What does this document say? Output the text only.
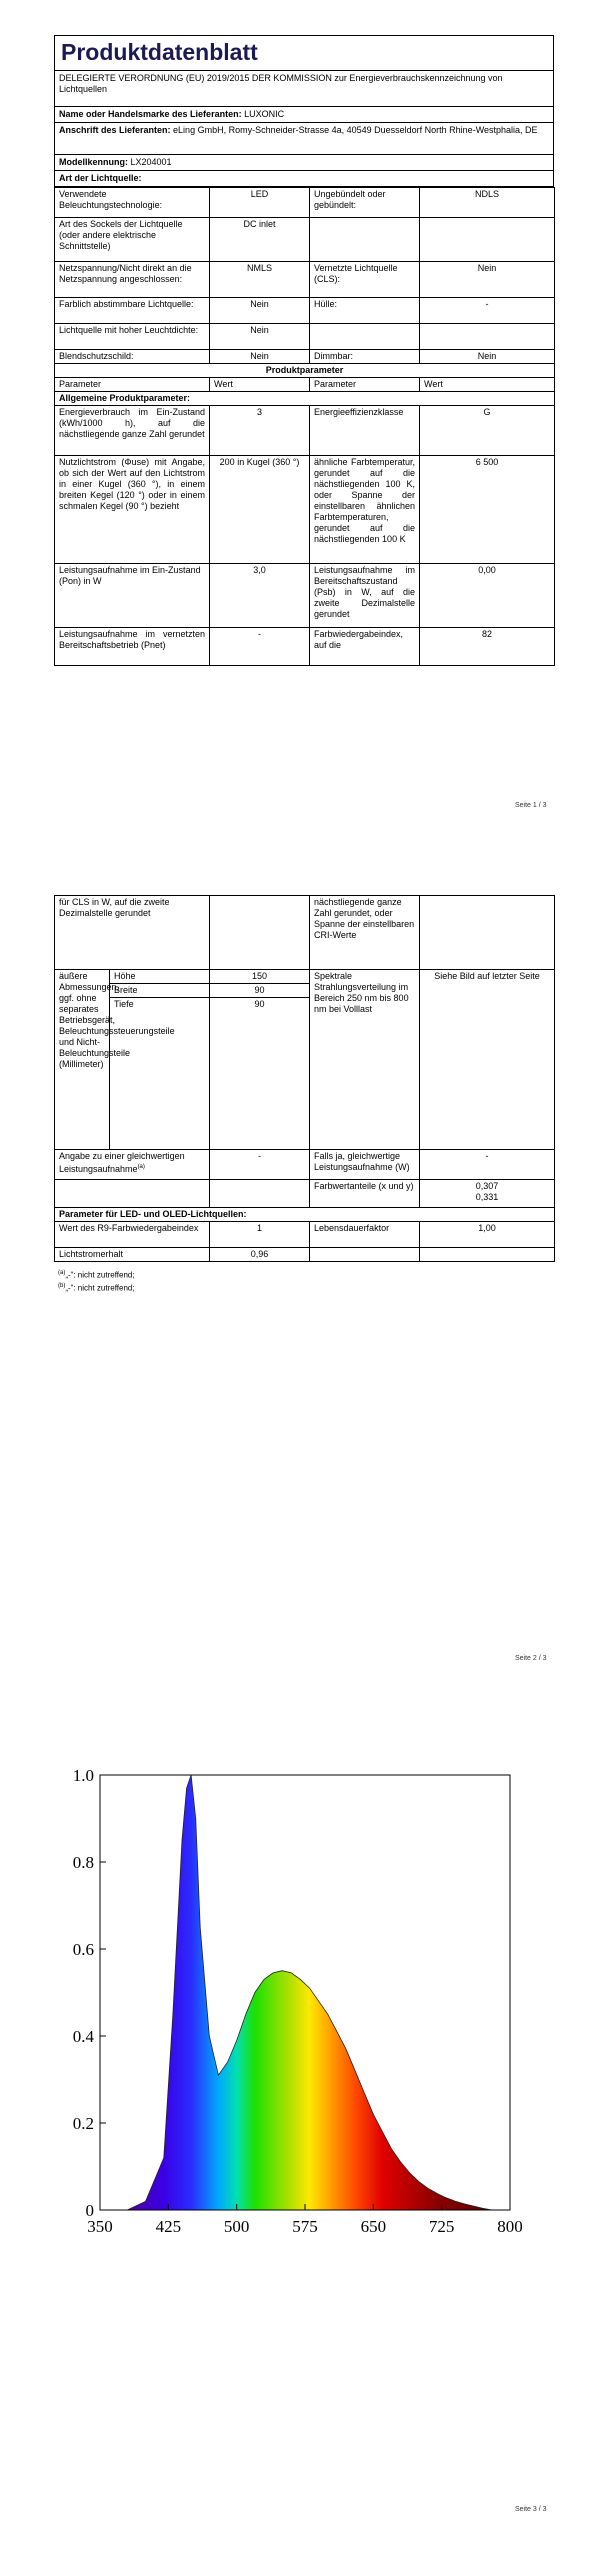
Produktdatenblatt
DELEGIERTE VERORDNUNG (EU) 2019/2015 DER KOMMISSION zur Energieverbrauchskennzeichnung von Lichtquellen
Name oder Handelsmarke des Lieferanten: LUXONIC
Anschrift des Lieferanten: eLing GmbH, Romy-Schneider-Strasse 4a, 40549 Duesseldorf North Rhine-Westphalia, DE
Modellkennung: LX204001
Art der Lichtquelle:
Verwendete Beleuchtungstechnologie:	LED	Ungebündelt oder gebündelt:	NDLS
Art des Sockels der Lichtquelle (oder andere elektrische Schnittstelle)	DC inlet		
Netzspannung/Nicht direkt an die Netzspannung angeschlossen:	NMLS	Vernetzte Lichtquelle (CLS):	Nein
Farblich abstimmbare Lichtquelle:	Nein	Hülle:	-
Lichtquelle mit hoher Leuchtdichte:	Nein		
Blendschutzschild:	Nein	Dimmbar:	Nein
Produktparameter			
Parameter	Wert	Parameter	Wert
Allgemeine Produktparameter:			
Energieverbrauch im Ein-Zustand (kWh/1000 h), auf die nächstliegende ganze Zahl gerundet	3	Energieeffizienzklasse	G
Nutzlichtstrom (Φuse) mit Angabe, ob sich der Wert auf den Lichtstrom in einer Kugel (360 °), in einem breiten Kegel (120 °) oder in einem schmalen Kegel (90 °) bezieht	200 in Kugel (360 °)	ähnliche Farbtemperatur, gerundet auf die nächstliegenden 100 K, oder Spanne der einstellbaren ähnlichen Farbtemperaturen, gerundet auf die nächstliegenden 100 K	6 500
Leistungsaufnahme im Ein-Zustand (Pon) in W	3,0	Leistungsaufnahme im Bereitschaftszustand (Psb) in W, auf die zweite Dezimalstelle gerundet	0,00
Leistungsaufnahme im vernetzten Bereitschaftsbetrieb (Pnet)	-	Farbwiedergabeindex, auf die	82
Seite 1 / 3
für CLS in W, auf die zweite Dezimalstelle gerundet			nächstliegende ganze Zahl gerundet, oder Spanne der einstellbaren CRI-Werte	
äußere Abmessungen, ggf. ohne separates Betriebsgerät, Beleuchtungssteuerungsteile und Nicht-Beleuchtungsteile (Millimeter)	Höhe	150	Spektrale Strahlungsverteilung im Bereich 250 nm bis 800 nm bei Volllast	Siehe Bild auf letzter Seite
	Breite	90		
	Tiefe	90		
Angabe zu einer gleichwertigen Leistungsaufnahme$^{(a)}$		-	Falls ja, gleichwertige Leistungsaufnahme (W)	-
			Farbwertanteile (x und y)	0,307
0,331

Parameter für LED- und OLED-Lichtquellen:				
Wert des R9-Farbwiedergabeindex		1	Lebensdauerfaktor	1,00
Lichtstromerhalt		0,96		
$^{(a)}$„-“: nicht zutreffend;
$^{(b)}$„-“: nicht zutreffend;
Seite 2 / 3
0
0.2
0.4
0.6
0.8
1.0
350	425	500	575	650	725	800
Seite 3 / 3
